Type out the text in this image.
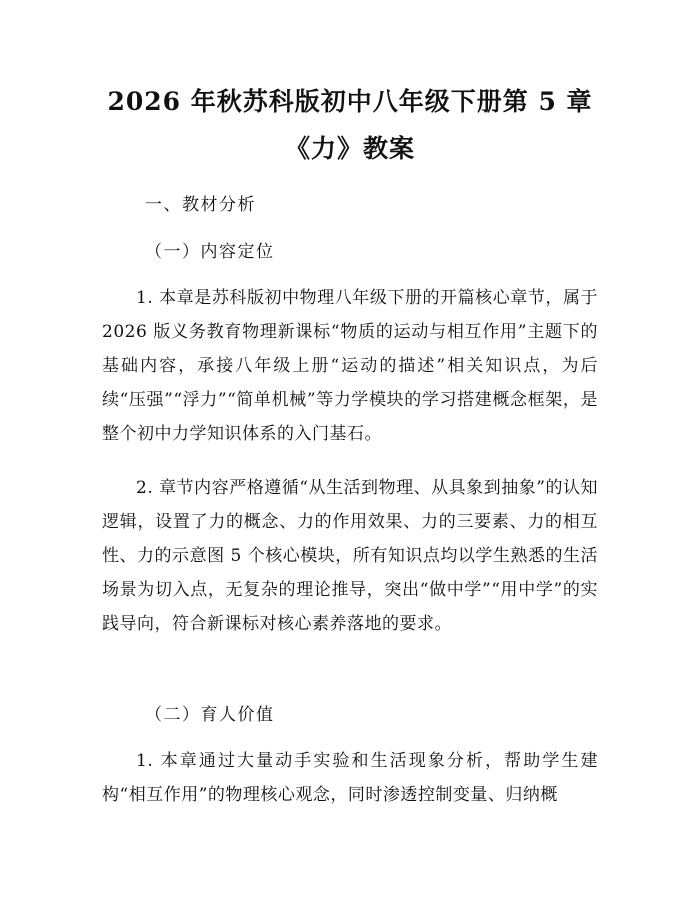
2026 年秋苏科版初中八年级下册第 5 章
《力》教案

一、教材分析

（一）内容定位

1. 本章是苏科版初中物理八年级下册的开篇核心章节，属于 2026 版义务教育物理新课标“物质的运动与相互作用”主题下的基础内容，承接八年级上册“运动的描述”相关知识点，为后续“压强”“浮力”“简单机械”等力学模块的学习搭建概念框架，是整个初中力学知识体系的入门基石。

2. 章节内容严格遵循“从生活到物理、从具象到抽象”的认知逻辑，设置了力的概念、力的作用效果、力的三要素、力的相互性、力的示意图 5 个核心模块，所有知识点均以学生熟悉的生活场景为切入点，无复杂的理论推导，突出“做中学”“用中学”的实践导向，符合新课标对核心素养落地的要求。

（二）育人价值

1. 本章通过大量动手实验和生活现象分析，帮助学生建构“相互作用”的物理核心观念，同时渗透控制变量、归纳概
